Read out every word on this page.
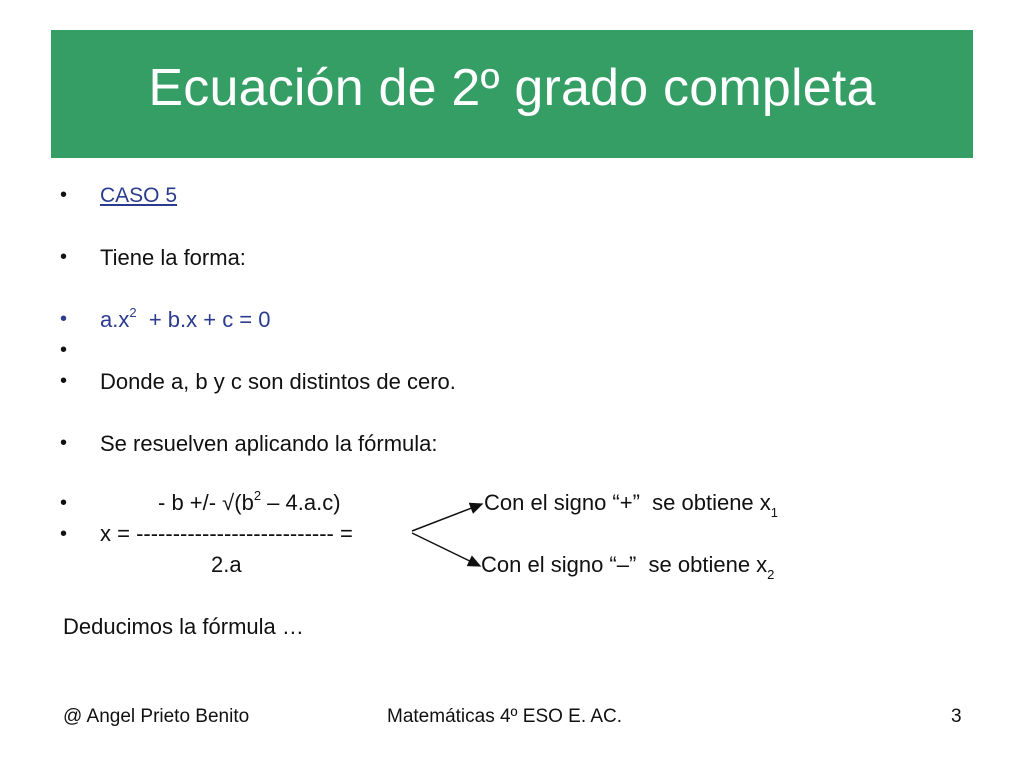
Ecuación de 2º grado completa
• CASO 5
• Tiene la forma:
• $a.x^2 + b.x + c = 0$
•
• Donde a, b y c son distintos de cero.
• Se resuelven aplicando la fórmula:
•	- b +/- $√(b^2 - 4.a.c)$
• x = --------------------------- =
2.a
Con el signo “+”  se obtiene $x_1$
Con el signo “–”  se obtiene $x_2$
Deducimos la fórmula …
@ Angel Prieto Benito	Matemáticas 4º ESO E. AC.	3
